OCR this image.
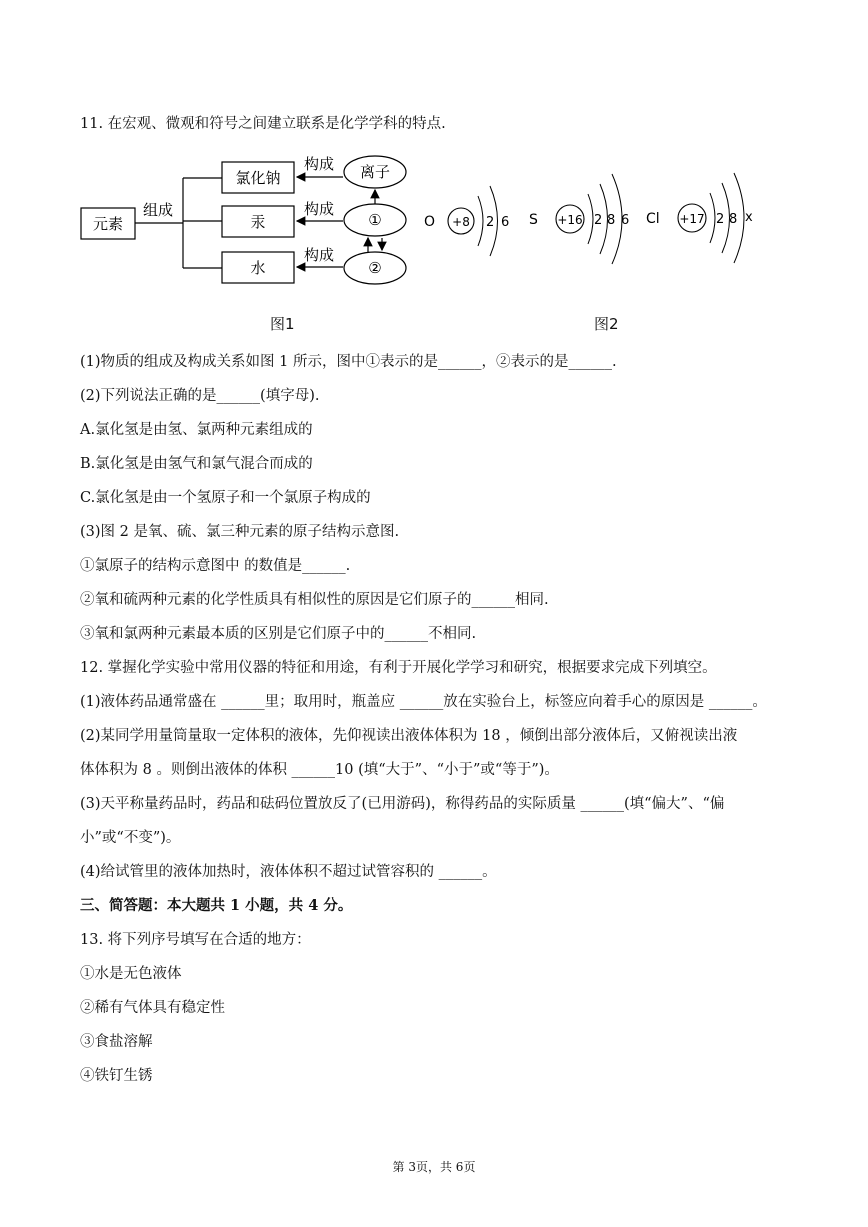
11. 在宏观、微观和符号之间建立联系是化学学科的特点.
元素
组成
氯化钠
汞
水
构成
构成
构成
离子
①
②
O +8 2 6 S +16 2 8 6 Cl +17 2 8 x
图1	图2
(1)物质的组成及构成关系如图 1 所示，图中①表示的是______，②表示的是______.
(2)下列说法正确的是______(填字母).
A.氯化氢是由氢、氯两种元素组成的
B.氯化氢是由氢气和氯气混合而成的
C.氯化氢是由一个氢原子和一个氯原子构成的
(3)图 2 是氧、硫、氯三种元素的原子结构示意图.
①氯原子的结构示意图中 的数值是______.
②氧和硫两种元素的化学性质具有相似性的原因是它们原子的______相同.
③氧和氯两种元素最本质的区别是它们原子中的______不相同.
12. 掌握化学实验中常用仪器的特征和用途，有利于开展化学学习和研究，根据要求完成下列填空。
(1)液体药品通常盛在 ______里；取用时，瓶盖应 ______放在实验台上，标签应向着手心的原因是 ______。
(2)某同学用量筒量取一定体积的液体，先仰视读出液体体积为 18 ，倾倒出部分液体后，又俯视读出液
体体积为 8 。则倒出液体的体积 ______10 (填“大于”、“小于”或“等于”)。
(3)天平称量药品时，药品和砝码位置放反了(已用游码)，称得药品的实际质量 ______(填“偏大”、“偏
小”或“不变”)。
(4)给试管里的液体加热时，液体体积不超过试管容积的 ______。
三、简答题：本大题共 1 小题，共 4 分。
13. 将下列序号填写在合适的地方：
①水是无色液体
②稀有气体具有稳定性
③食盐溶解
④铁钉生锈
第 3页，共 6页
